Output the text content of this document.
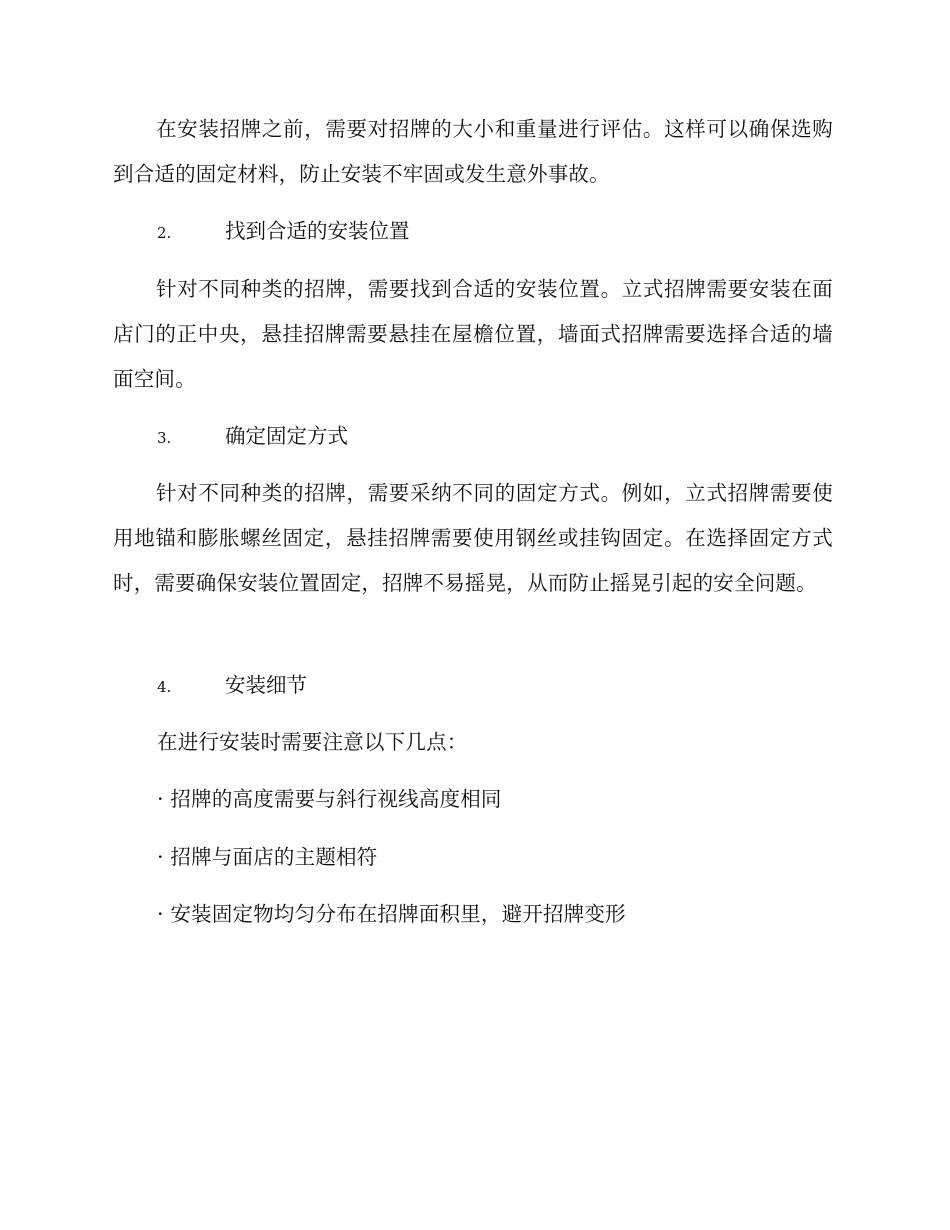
在安装招牌之前，需要对招牌的大小和重量进行评估。这样可以确保选购到合适的固定材料，防止安装不牢固或发生意外事故。

2.	找到合适的安装位置

针对不同种类的招牌，需要找到合适的安装位置。立式招牌需要安装在面店门的正中央，悬挂招牌需要悬挂在屋檐位置，墙面式招牌需要选择合适的墙面空间。

3.	确定固定方式

针对不同种类的招牌，需要采纳不同的固定方式。例如，立式招牌需要使用地锚和膨胀螺丝固定，悬挂招牌需要使用钢丝或挂钩固定。在选择固定方式时，需要确保安装位置固定，招牌不易摇晃，从而防止摇晃引起的安全问题。

4.	安装细节

在进行安装时需要注意以下几点：

· 招牌的高度需要与斜行视线高度相同

· 招牌与面店的主题相符

· 安装固定物均匀分布在招牌面积里，避开招牌变形
